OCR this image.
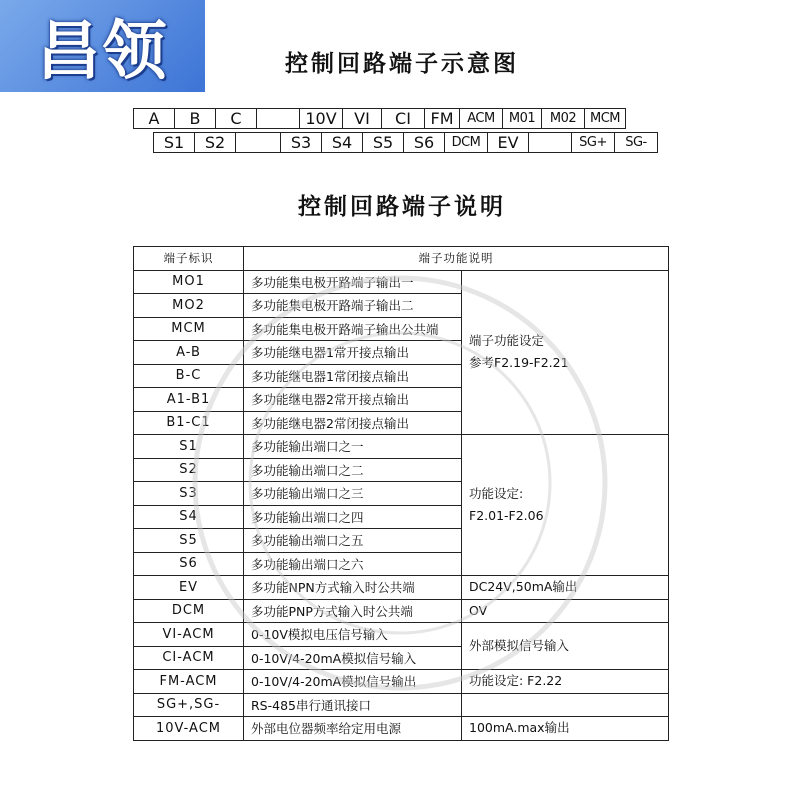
昌领	控制回路端子示意图
A	B	C	10V	VI	CI	FM	ACM	M01	M02	MCM
S1	S2	S3	S4	S5	S6	DCM	EV	SG+	SG-
控制回路端子说明
端子标识	端子功能说明	
MO1	多功能集电极开路端子输出一	端子功能设定
参考F2.19-F2.21
MO2	多功能集电极开路端子输出二	
MCM	多功能集电极开路端子输出公共端	
A-B	多功能继电器1常开接点输出	
B-C	多功能继电器1常闭接点输出	
A1-B1	多功能继电器2常开接点输出	
B1-C1	多功能继电器2常闭接点输出	
S1	多功能输出端口之一	功能设定:
F2.01-F2.06
S2	多功能输出端口之二	
S3	多功能输出端口之三	
S4	多功能输出端口之四	
S5	多功能输出端口之五	
S6	多功能输出端口之六	
EV	多功能NPN方式输入时公共端	DC24V,50mA输出
DCM	多功能PNP方式输入时公共端	OV
VI-ACM	0-10V模拟电压信号输入	外部模拟信号输入
CI-ACM	0-10V/4-20mA模拟信号输入	
FM-ACM	0-10V/4-20mA模拟信号输出	功能设定: F2.22
SG+,SG-	RS-485串行通讯接口	
10V-ACM	外部电位器频率给定用电源	100mA.max输出
